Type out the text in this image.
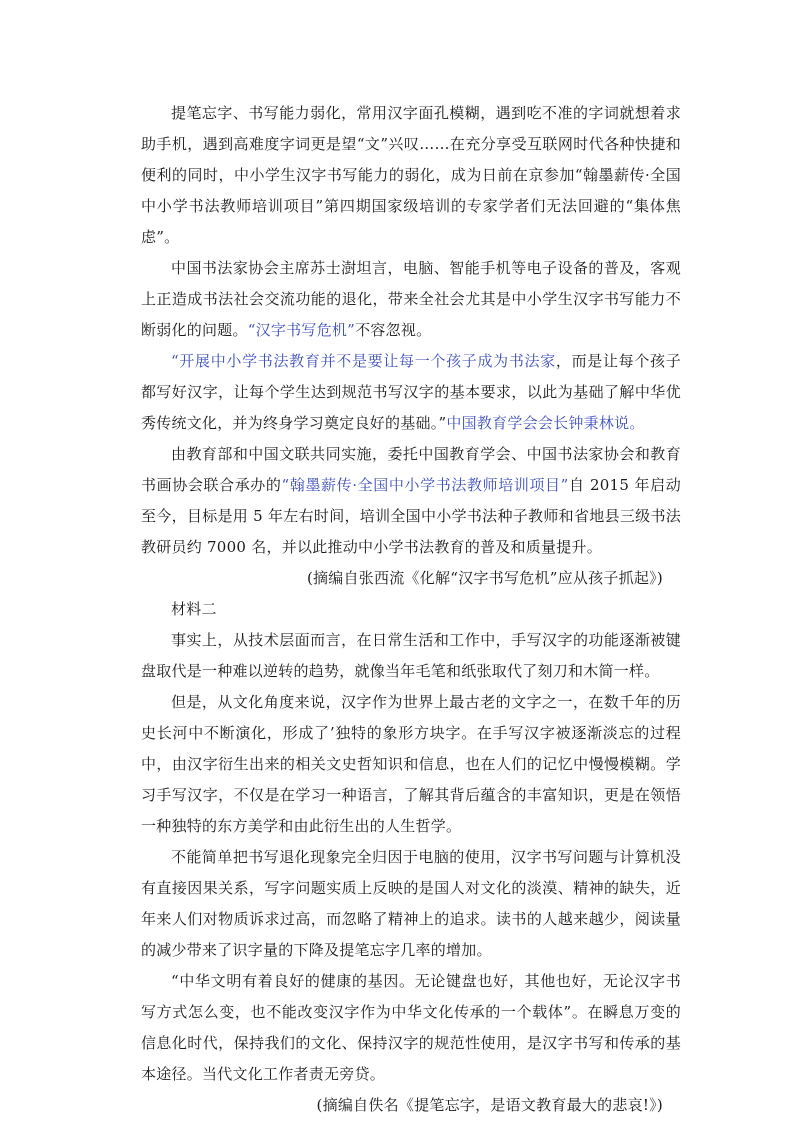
提笔忘字、书写能力弱化，常用汉字面孔模糊，遇到吃不准的字词就想着求助手机，遇到高难度字词更是望“文”兴叹……在充分享受互联网时代各种快捷和便利的同时，中小学生汉字书写能力的弱化，成为日前在京参加“翰墨薪传·全国中小学书法教师培训项目”第四期国家级培训的专家学者们无法回避的“集体焦虑”。

中国书法家协会主席苏士澍坦言，电脑、智能手机等电子设备的普及，客观上正造成书法社会交流功能的退化，带来全社会尤其是中小学生汉字书写能力不断弱化的问题。“汉字书写危机”不容忽视。

“开展中小学书法教育并不是要让每一个孩子成为书法家，而是让每个孩子都写好汉字，让每个学生达到规范书写汉字的基本要求，以此为基础了解中华优秀传统文化，并为终身学习奠定良好的基础。”中国教育学会会长钟秉林说。

由教育部和中国文联共同实施，委托中国教育学会、中国书法家协会和教育书画协会联合承办的“翰墨薪传·全国中小学书法教师培训项目”自 2015 年启动至今，目标是用 5 年左右时间，培训全国中小学书法种子教师和省地县三级书法教研员约 7000 名，并以此推动中小学书法教育的普及和质量提升。

(摘编自张西流《化解“汉字书写危机”应从孩子抓起》)

材料二

事实上，从技术层面而言，在日常生活和工作中，手写汉字的功能逐渐被键盘取代是一种难以逆转的趋势，就像当年毛笔和纸张取代了刻刀和木简一样。

但是，从文化角度来说，汉字作为世界上最古老的文字之一，在数千年的历史长河中不断演化，形成了’独特的象形方块字。在手写汉字被逐渐淡忘的过程中，由汉字衍生出来的相关文史哲知识和信息，也在人们的记忆中慢慢模糊。学习手写汉字，不仅是在学习一种语言，了解其背后蕴含的丰富知识，更是在领悟一种独特的东方美学和由此衍生出的人生哲学。

不能简单把书写退化现象完全归因于电脑的使用，汉字书写问题与计算机没有直接因果关系，写字问题实质上反映的是国人对文化的淡漠、精神的缺失，近年来人们对物质诉求过高，而忽略了精神上的追求。读书的人越来越少，阅读量的减少带来了识字量的下降及提笔忘字几率的增加。

“中华文明有着良好的健康的基因。无论键盘也好，其他也好，无论汉字书写方式怎么变，也不能改变汉字作为中华文化传承的一个载体”。在瞬息万变的信息化时代，保持我们的文化、保持汉字的规范性使用，是汉字书写和传承的基本途径。当代文化工作者责无旁贷。

(摘编自佚名《提笔忘字，是语文教育最大的悲哀!》)
